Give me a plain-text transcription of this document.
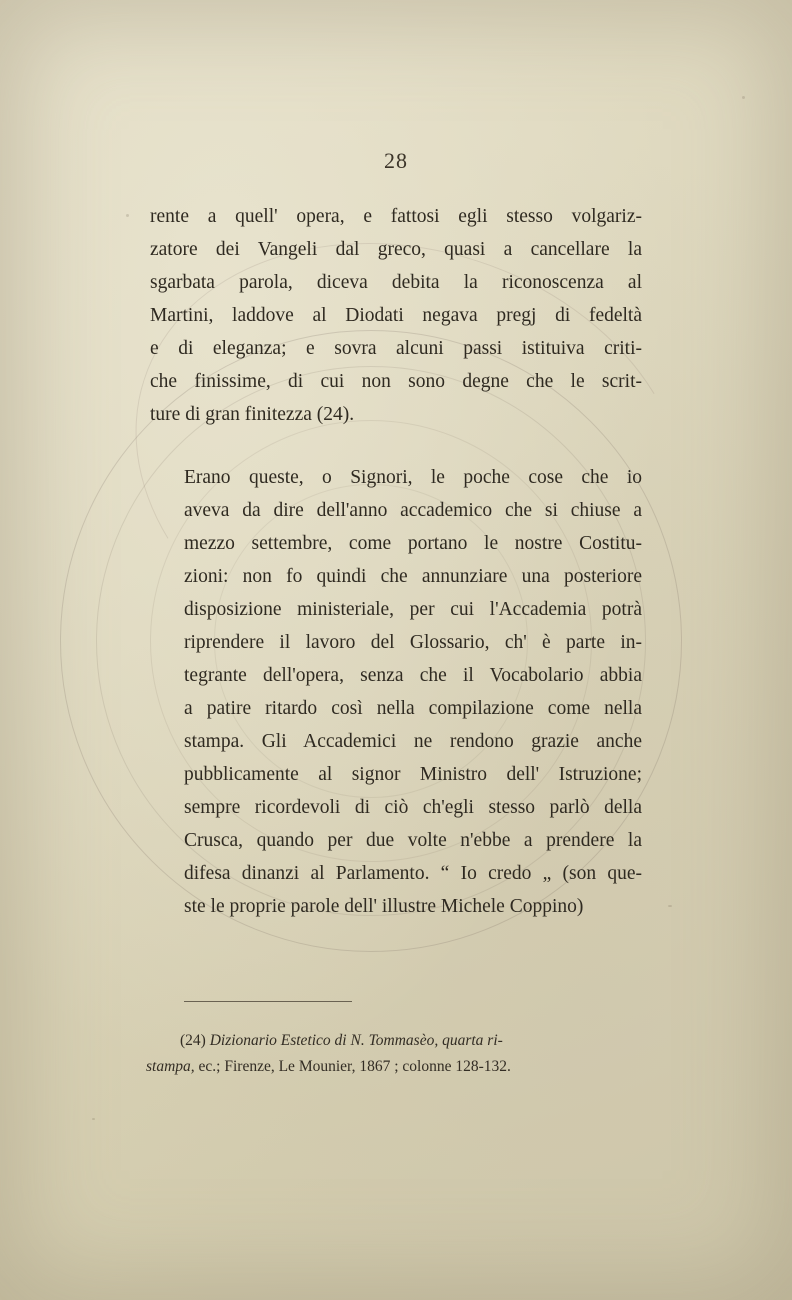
28

rente a quell' opera, e fattosi egli stesso volgariz-
zatore dei Vangeli dal greco, quasi a cancellare la
sgarbata parola, diceva debita la riconoscenza al
Martini, laddove al Diodati negava pregj di fedeltà
e di eleganza; e sovra alcuni passi istituiva criti-
che finissime, di cui non sono degne che le scrit-
ture di gran finitezza (24).

Erano queste, o Signori, le poche cose che io
aveva da dire dell'anno accademico che si chiuse a
mezzo settembre, come portano le nostre Costitu-
zioni: non fo quindi che annunziare una posteriore
disposizione ministeriale, per cui l'Accademia potrà
riprendere il lavoro del Glossario, ch' è parte in-
tegrante dell'opera, senza che il Vocabolario abbia
a patire ritardo così nella compilazione come nella
stampa. Gli Accademici ne rendono grazie anche
pubblicamente al signor Ministro dell' Istruzione;
sempre ricordevoli di ciò ch'egli stesso parlò della
Crusca, quando per due volte n'ebbe a prendere la
difesa dinanzi al Parlamento. “ Io credo „ (son que-
ste le proprie parole dell' illustre Michele Coppino)

(24) Dizionario Estetico di N. Tommasèo, quarta ri-
stampa, ec.; Firenze, Le Mounier, 1867 ; colonne 128-132.
